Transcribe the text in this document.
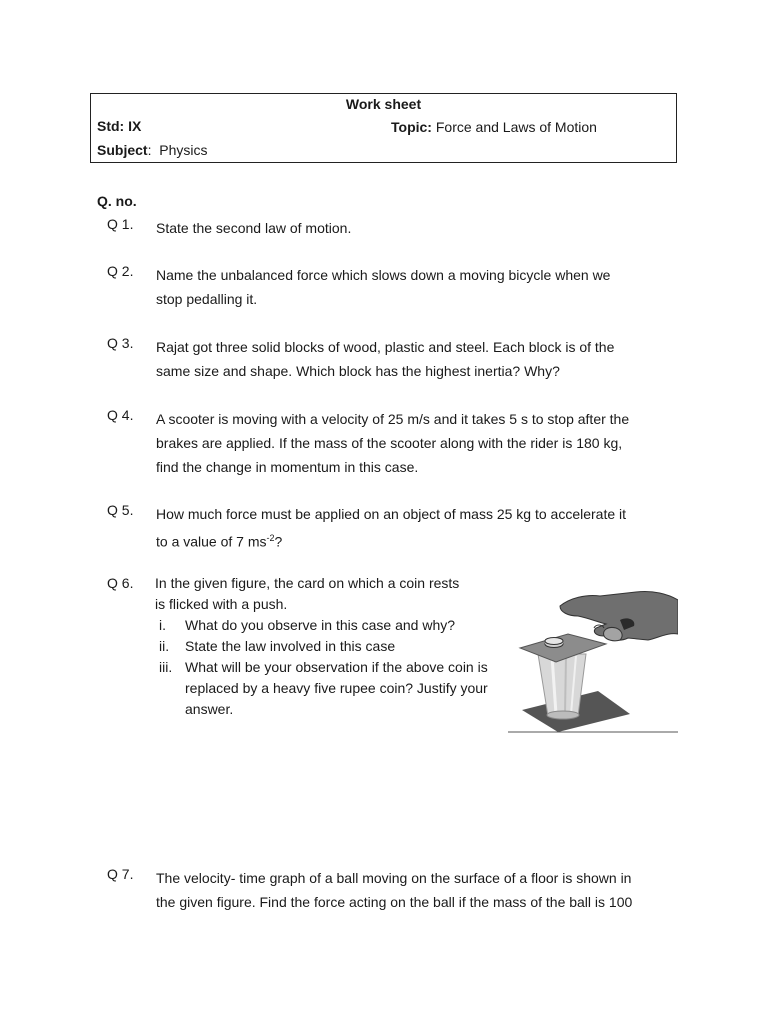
Work sheet
Std: IX	Topic: Force and Laws of Motion
Subject:  Physics
Q. no.
Q 1. State the second law of motion.
Q 2. Name the unbalanced force which slows down a moving bicycle when we
stop pedalling it.
Q 3. Rajat got three solid blocks of wood, plastic and steel. Each block is of the
same size and shape. Which block has the highest inertia? Why?
Q 4. A scooter is moving with a velocity of 25 m/s and it takes 5 s to stop after the
brakes are applied. If the mass of the scooter along with the rider is 180 kg,
find the change in momentum in this case.
Q 5. How much force must be applied on an object of mass 25 kg to accelerate it
to a value of 7 $ms^{-2}$?
Q 6. In the given figure, the card on which a coin rests
is flicked with a push.
i. What do you observe in this case and why?
ii. State the law involved in this case
iii. What will be your observation if the above coin is replaced by a heavy five rupee coin? Justify your answer.
Q 7. The velocity- time graph of a ball moving on the surface of a floor is shown in
the given figure. Find the force acting on the ball if the mass of the ball is 100
